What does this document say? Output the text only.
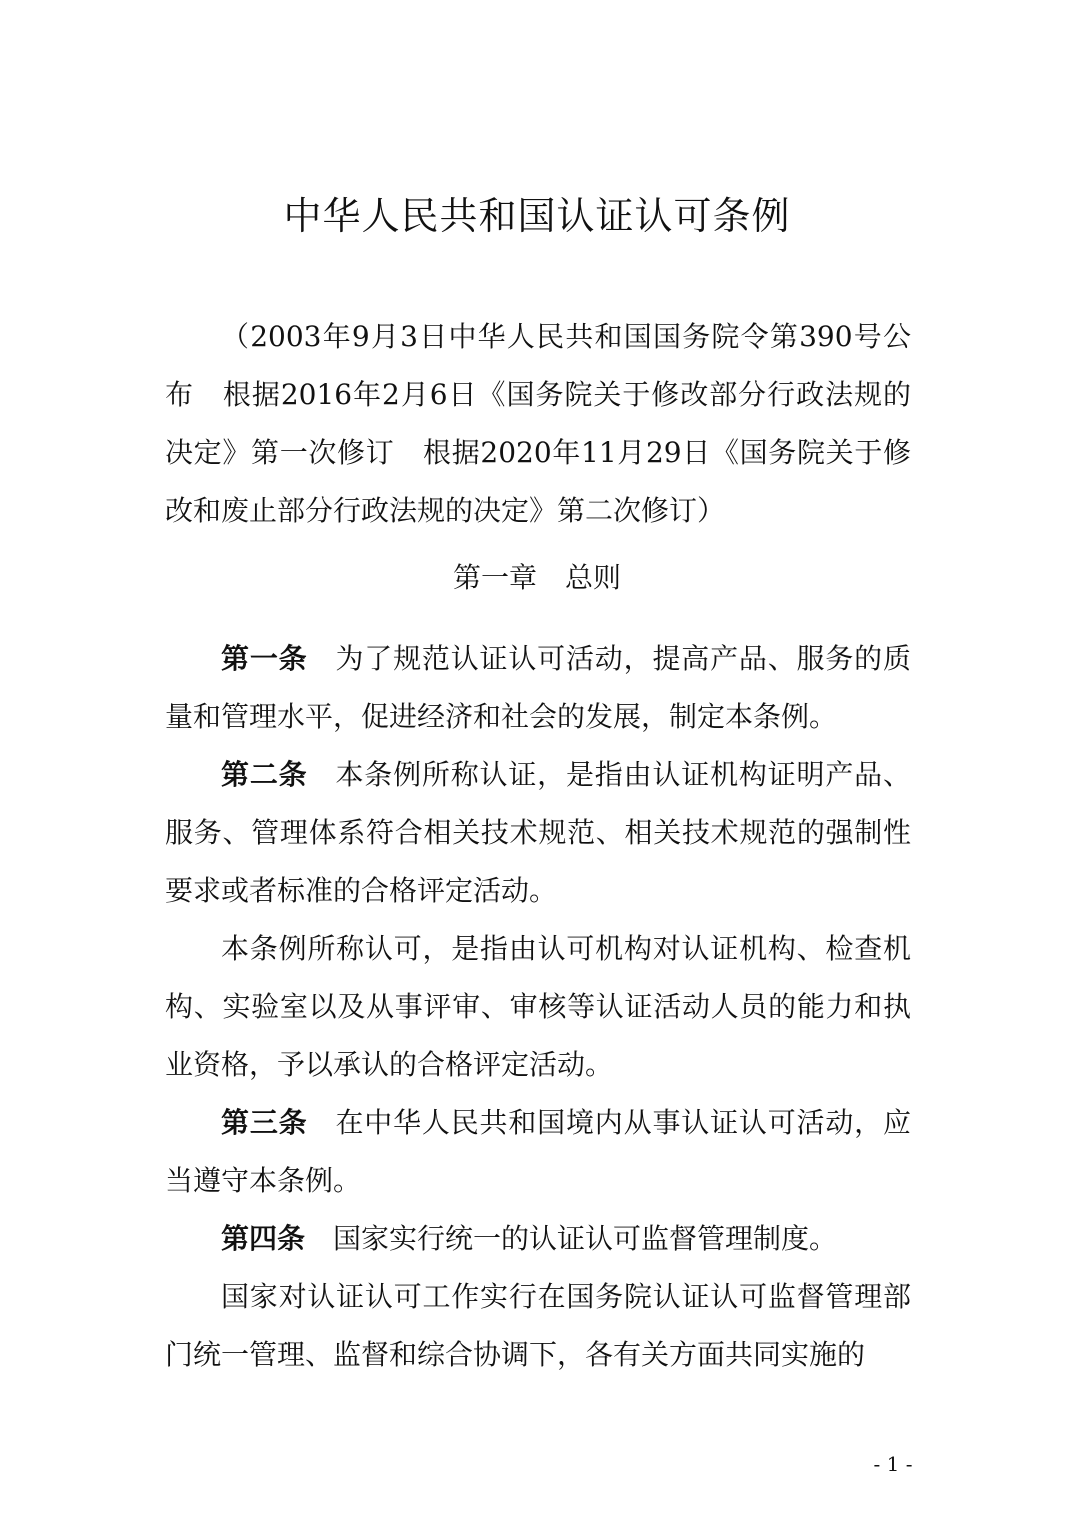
中华人民共和国认证认可条例

（2003年9月3日中华人民共和国国务院令第390号公布　根据2016年2月6日《国务院关于修改部分行政法规的决定》第一次修订　根据2020年11月29日《国务院关于修改和废止部分行政法规的决定》第二次修订）

第一章 总则

第一条 为了规范认证认可活动，提高产品、服务的质量和管理水平，促进经济和社会的发展，制定本条例。

第二条 本条例所称认证，是指由认证机构证明产品、服务、管理体系符合相关技术规范、相关技术规范的强制性要求或者标准的合格评定活动。

本条例所称认可，是指由认可机构对认证机构、检查机构、实验室以及从事评审、审核等认证活动人员的能力和执业资格，予以承认的合格评定活动。

第三条 在中华人民共和国境内从事认证认可活动，应当遵守本条例。

第四条 国家实行统一的认证认可监督管理制度。

国家对认证认可工作实行在国务院认证认可监督管理部门统一管理、监督和综合协调下，各有关方面共同实施的

- 1 -
